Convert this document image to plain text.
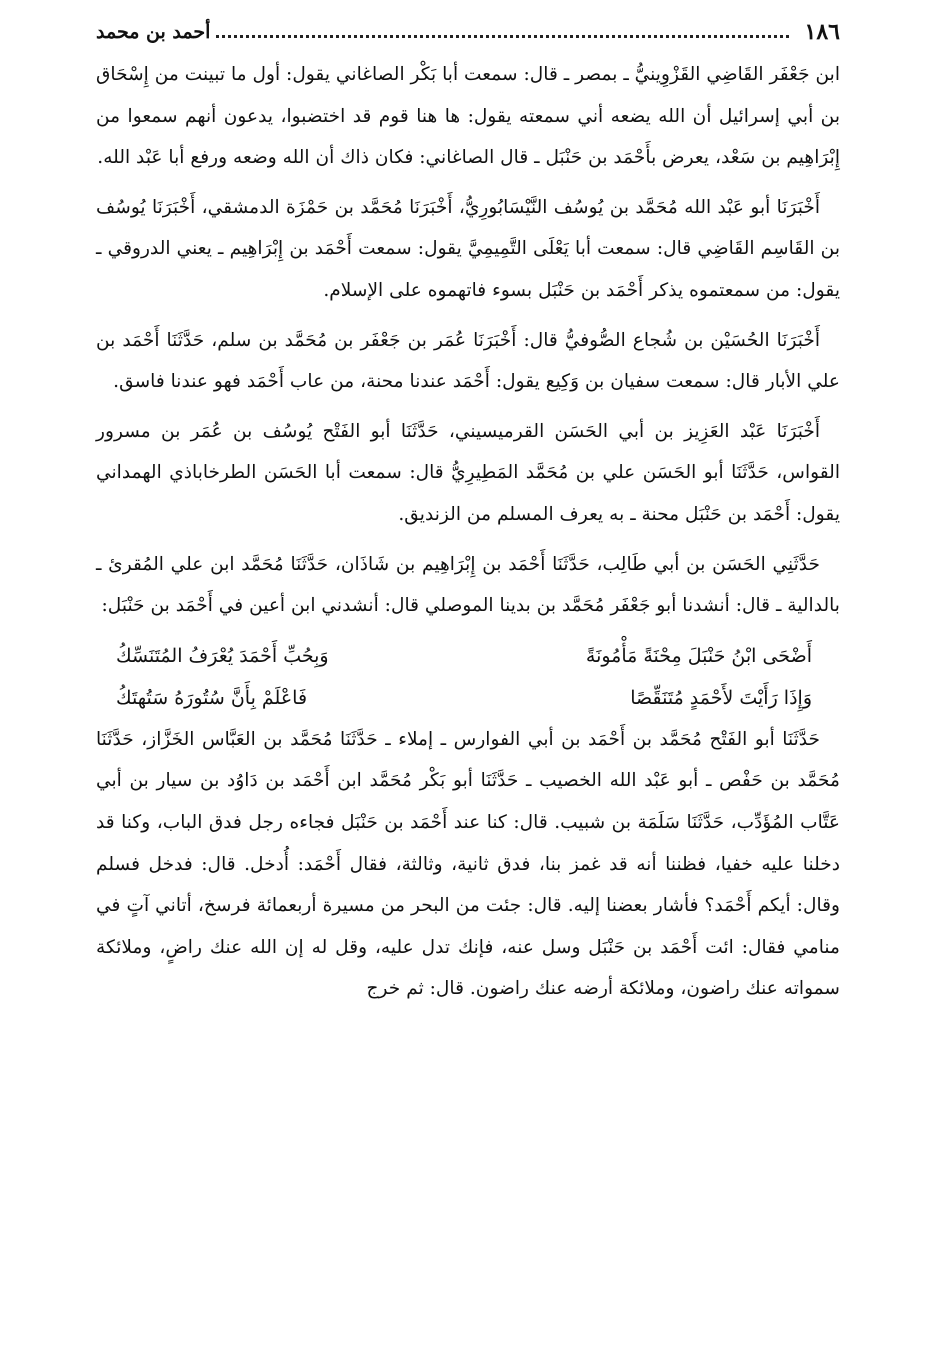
١٨٦
أحمد بن محمد

ابن جَعْفَر القَاضِي القَزْوِينيُّ ـ بمصر ـ قال: سمعت أبا بَكْر الصاغاني يقول: أول ما تبينت من إِسْحَاق بن أبي إسرائيل أن الله يضعه أني سمعته يقول: ها هنا قوم قد اختضبوا، يدعون أنهم سمعوا من إِبْرَاهِيم بن سَعْد، يعرض بأَحْمَد بن حَنْبَل ـ قال الصاغاني: فكان ذاك أن الله وضعه ورفع أبا عَبْد الله.

أَخْبَرَنَا أبو عَبْد الله مُحَمَّد بن يُوسُف النَّيْسَابُورِيُّ، أَخْبَرَنَا مُحَمَّد بن حَمْزَة الدمشقي، أَخْبَرَنَا يُوسُف بن القَاسِم القَاضِي قال: سمعت أبا يَعْلَى التَّمِيمِيَّ يقول: سمعت أَحْمَد بن إِبْرَاهِيم ـ يعني الدروقي ـ يقول: من سمعتموه يذكر أَحْمَد بن حَنْبَل بسوء فاتهموه على الإسلام.

أَخْبَرَنَا الحُسَيْن بن شُجاع الصُّوفيُّ قال: أَخْبَرَنَا عُمَر بن جَعْفَر بن مُحَمَّد بن سلم، حَدَّثَنَا أَحْمَد بن علي الأبار قال: سمعت سفيان بن وَكِيع يقول: أَحْمَد عندنا محنة، من عاب أَحْمَد فهو عندنا فاسق.

أَخْبَرَنَا عَبْد العَزِيز بن أبي الحَسَن القرميسيني، حَدَّثَنَا أبو الفَتْح يُوسُف بن عُمَر بن مسرور القواس، حَدَّثَنَا أبو الحَسَن علي بن مُحَمَّد المَطِيرِيُّ قال: سمعت أبا الحَسَن الطرخاباذي الهمداني يقول: أَحْمَد بن حَنْبَل محنة ـ به يعرف المسلم من الزنديق.

حَدَّثَنِي الحَسَن بن أبي طَالِب، حَدَّثَنَا أَحْمَد بن إِبْرَاهِيم بن شَاذَان، حَدَّثَنَا مُحَمَّد ابن علي المُقرئ ـ بالدالية ـ قال: أنشدنا أبو جَعْفَر مُحَمَّد بن بدينا الموصلي قال: أنشدني ابن أعين في أَحْمَد بن حَنْبَل:

أَضْحَى ابْنُ حَنْبَلَ مِحْنَةً مَأْمُونَةً
وَبِحُبِّ أَحْمَدَ يُعْرَفُ المُتَنَسِّكُ
وَإِذَا رَأَيْتَ لأَحْمَدٍ مُتَنَقِّصًا
فَاعْلَمْ بِأَنَّ سُتُورَهُ سَتُهتَكُ

حَدَّثَنَا أبو الفَتْح مُحَمَّد بن أَحْمَد بن أبي الفوارس ـ إملاء ـ حَدَّثَنَا مُحَمَّد بن العَبَّاس الخَزَّاز، حَدَّثَنَا مُحَمَّد بن حَفْص ـ أبو عَبْد الله الخصيب ـ حَدَّثَنَا أبو بَكْر مُحَمَّد ابن أَحْمَد بن دَاوُد بن سيار بن أبي عَتَّاب المُؤَدِّب، حَدَّثَنَا سَلَمَة بن شبيب. قال: كنا عند أَحْمَد بن حَنْبَل فجاءه رجل فدق الباب، وكنا قد دخلنا عليه خفيا، فظننا أنه قد غمز بنا، فدق ثانية، وثالثة، فقال أَحْمَد: أُدخل. قال: فدخل فسلم وقال: أيكم أَحْمَد؟ فأشار بعضنا إليه. قال: جئت من البحر من مسيرة أربعمائة فرسخ، أتاني آتٍ في منامي فقال: ائت أَحْمَد بن حَنْبَل وسل عنه، فإنك تدل عليه، وقل له إن الله عنك راضٍ، وملائكة سمواته عنك راضون، وملائكة أرضه عنك راضون. قال: ثم خرج
